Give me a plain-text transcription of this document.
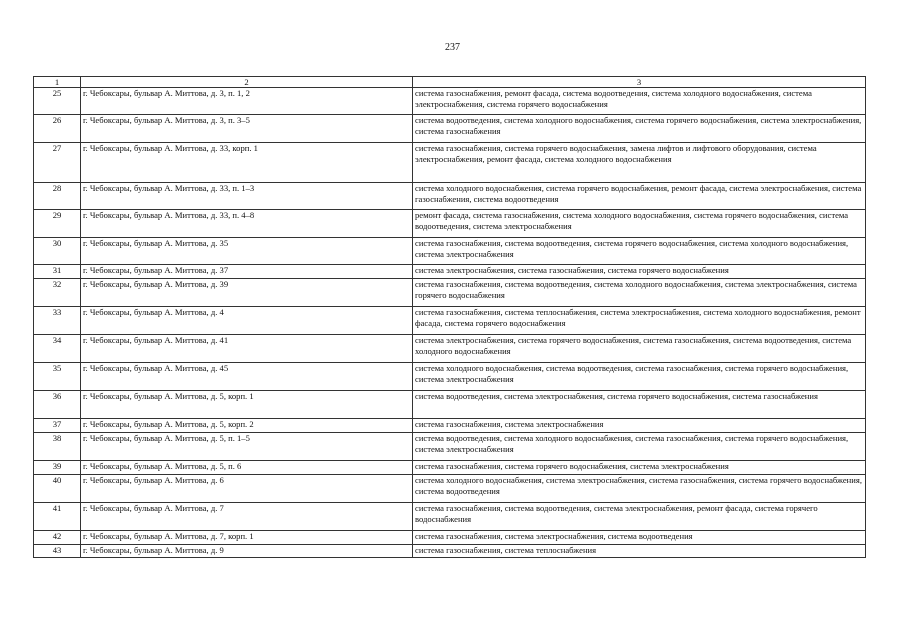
237
1	2	3
25	г. Чебоксары, бульвар А. Миттова, д. 3, п. 1, 2	система газоснабжения, ремонт фасада, система водоотведения, система холодного водоснабжения, система электроснабжения, система горячего водоснабжения
26	г. Чебоксары, бульвар А. Миттова, д. 3, п. 3–5	система водоотведения, система холодного водоснабжения, система горячего водоснабжения, система электроснабжения, система газоснабжения
27	г. Чебоксары, бульвар А. Миттова, д. 33, корп. 1	система газоснабжения, система горячего водоснабжения, замена лифтов и лифтового оборудования, система электроснабжения, ремонт фасада, система холодного водоснабжения
28	г. Чебоксары, бульвар А. Миттова, д. 33, п. 1–3	система холодного водоснабжения, система горячего водоснабжения, ремонт фасада, система электроснабжения, система газоснабжения, система водоотведения
29	г. Чебоксары, бульвар А. Миттова, д. 33, п. 4–8	ремонт фасада, система газоснабжения, система холодного водоснабжения, система горячего водоснабжения, система водоотведения, система электроснабжения
30	г. Чебоксары, бульвар А. Миттова, д. 35	система газоснабжения, система водоотведения, система горячего водоснабжения, система холодного водоснабжения, система электроснабжения
31	г. Чебоксары, бульвар А. Миттова, д. 37	система электроснабжения, система газоснабжения, система горячего водоснабжения
32	г. Чебоксары, бульвар А. Миттова, д. 39	система газоснабжения, система водоотведения, система холодного водоснабжения, система электроснабжения, система горячего водоснабжения
33	г. Чебоксары, бульвар А. Миттова, д. 4	система газоснабжения, система теплоснабжения, система электроснабжения, система холодного водоснабжения, ремонт фасада, система горячего водоснабжения
34	г. Чебоксары, бульвар А. Миттова, д. 41	система электроснабжения, система горячего водоснабжения, система газоснабжения, система водоотведения, система холодного водоснабжения
35	г. Чебоксары, бульвар А. Миттова, д. 45	система холодного водоснабжения, система водоотведения, система газоснабжения, система горячего водоснабжения, система электроснабжения
36	г. Чебоксары, бульвар А. Миттова, д. 5, корп. 1	система водоотведения, система электроснабжения, система горячего водоснабжения, система газоснабжения
37	г. Чебоксары, бульвар А. Миттова, д. 5, корп. 2	система газоснабжения, система электроснабжения
38	г. Чебоксары, бульвар А. Миттова, д. 5, п. 1–5	система водоотведения, система холодного водоснабжения, система газоснабжения, система горячего водоснабжения, система электроснабжения
39	г. Чебоксары, бульвар А. Миттова, д. 5, п. 6	система газоснабжения, система горячего водоснабжения, система электроснабжения
40	г. Чебоксары, бульвар А. Миттова, д. 6	система холодного водоснабжения, система электроснабжения, система газоснабжения, система горячего водоснабжения, система водоотведения
41	г. Чебоксары, бульвар А. Миттова, д. 7	система газоснабжения, система водоотведения, система электроснабжения, ремонт фасада, система горячего водоснабжения
42	г. Чебоксары, бульвар А. Миттова, д. 7, корп. 1	система газоснабжения, система электроснабжения, система водоотведения
43	г. Чебоксары, бульвар А. Миттова, д. 9	система газоснабжения, система теплоснабжения
